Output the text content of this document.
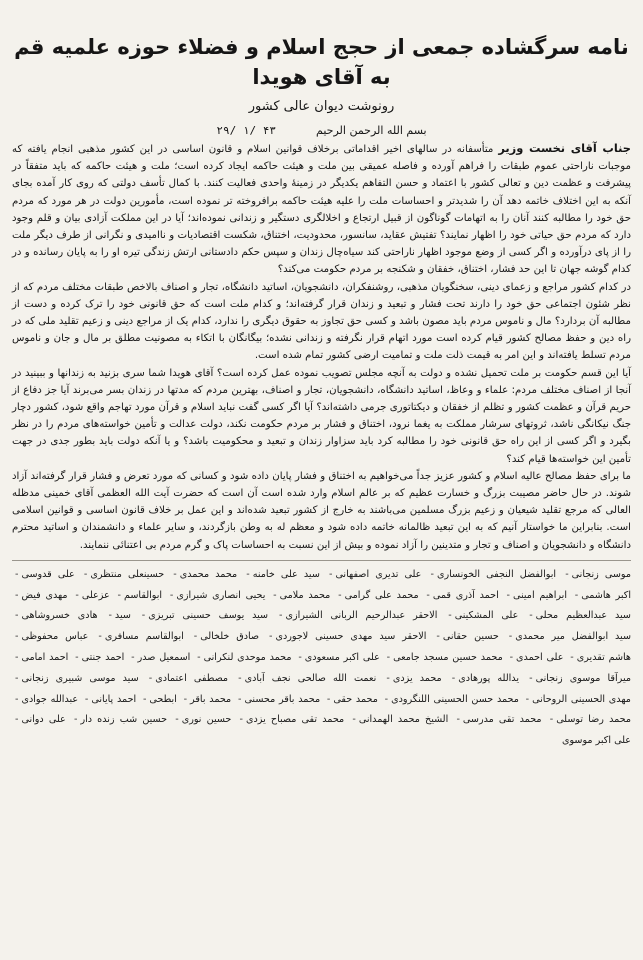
نامه سرگشاده جمعی از حجج اسلام و فضلاء حوزه علمیه قم به آقای هویدا
رونوشت دیوان عالی کشور
بسم الله الرحمن الرحیم
۲۹/ ۱/ ۴۳

جناب آقای نخست وزیر متأسفانه در سالهای اخیر اقداماتی برخلاف قوانین اسلام و قانون اساسی در این کشور مذهبی انجام یافته که موجبات ناراحتی عموم طبقات را فراهم آورده و فاصله عمیقی بین ملت و هیئت حاکمه ایجاد کرده است؛ ملت و هیئت حاکمه که باید متفقاً در پیشرفت و عظمت دین و تعالی کشور با اعتماد و حسن التفاهم یکدیگر در زمینهٔ واحدی فعالیت کنند. با کمال تأسف دولتی که روی کار آمده بجای آنکه به این اختلاف خاتمه دهد آن را شدیدتر و احساسات ملت را علیه هیئت حاکمه برافروخته تر نموده است، مأمورین دولت در هر مورد که مردم حق خود را مطالبه کنند آنان را به اتهامات گوناگون از قبیل ارتجاع و اخلالگری دستگیر و زندانی نموده‌اند؛ آیا در این مملکت آزادی بیان و قلم وجود دارد که مردم حق حیاتی خود را اظهار نمایند؟ تفتیش عقاید، سانسور، محدودیت، اختناق، شکست اقتصادیات و ناامیدی و نگرانی از طرف دیگر ملت را از پای درآورده و اگر کسی از وضع موجود اظهار ناراحتی کند سیاه‌چال زندان و سپس حکم دادستانی ارتش زندگی تیره او را به پایان رسانده و در کدام گوشه جهان تا این حد فشار، اختناق، خفقان و شکنجه بر مردم حکومت می‌کند؟

در کدام کشور مراجع و زعمای دینی، سخنگویان مذهبی، روشنفکران، دانشجویان، اساتید دانشگاه، تجار و اصناف بالاخص طبقات مختلف مردم که از نظر شئون اجتماعی حق خود را دارند تحت فشار و تبعید و زندان قرار گرفته‌اند؛ و کدام ملت است که حق قانونی خود را ترک کرده و دست از مطالبه آن بردارد؟ مال و ناموس مردم باید مصون باشد و کسی حق تجاوز به حقوق دیگری را ندارد، کدام یک از مراجع دینی و زعیم تقلید ملی که در راه دین و حفظ مصالح کشور قیام کرده است مورد اتهام قرار نگرفته و زندانی نشده؛ بیگانگان با اتکاء به مصونیت مطلق بر مال و جان و ناموس مردم تسلط یافته‌اند و این امر به قیمت ذلت ملت و تمامیت ارضی کشور تمام شده است.

آیا این قسم حکومت بر ملت تحمیل نشده و دولت به آنچه مجلس تصویب نموده عمل کرده است؟ آقای هویدا شما سری بزنید به زندانها و ببینید در آنجا از اصناف مختلف مردم: علماء و وعاظ، اساتید دانشگاه، دانشجویان، تجار و اصناف، بهترین مردم که مدتها در زندان بسر می‌برند آیا جز دفاع از حریم قرآن و عظمت کشور و تظلم از خفقان و دیکتاتوری جرمی داشته‌اند؟ آیا اگر کسی گفت نباید اسلام و قرآن مورد تهاجم واقع شود، کشور دچار جنگ نیکانگی ناشد، ثروتهای سرشار مملکت به یغما نرود، اختناق و فشار بر مردم حکومت نکند، دولت عدالت و تأمین خواسته‌های مردم را در نظر بگیرد و اگر کسی از این راه حق قانونی خود را مطالبه کرد باید سزاوار زندان و تبعید و محکومیت باشد؟ و یا آنکه دولت باید بطور جدی در جهت تأمین این خواسته‌ها قیام کند؟

ما برای حفظ مصالح عالیه اسلام و کشور عزیز جداً می‌خواهیم به اختناق و فشار پایان داده شود و کسانی که مورد تعرض و فشار قرار گرفته‌اند آزاد شوند. در حال حاضر مصیبت بزرگ و خسارت عظیم که بر عالم اسلام وارد شده است آن است که حضرت آیت الله العظمی آقای خمینی مدظله العالی که مرجع تقلید شیعیان و زعیم بزرگ مسلمین می‌باشند به خارج از کشور تبعید شده‌اند و این عمل بر خلاف قانون اساسی و قوانین اسلامی است. بنابراین ما خواستار آنیم که به این تبعید ظالمانه خاتمه داده شود و معظم له به وطن بازگردند، و سایر علماء و دانشمندان و اساتید محترم دانشگاه و دانشجویان و اصناف و تجار و متدینین را آزاد نموده و بیش از این نسبت به احساسات پاک و گرم مردم بی اعتنائی ننمایند.

موسی زنجانی- ابوالفضل النجفی الخونساری- علی تدیری اصفهانی- سید علی خامنه- محمد محمدی- حسینعلی منتظری- علی قدوسی- اکبر هاشمی- ابراهیم امینی- احمد آذری قمی- محمد علی گرامی- محمد ملامی- یحیی انصاری شیرازی- ابوالقاسم- عزعلی- مهدی فیض- سید عبدالعظیم محلی- علی المشکینی- الاحقر عبدالرحیم الربانی الشیرازی- سید یوسف حسینی تبریزی- سید- هادی خسروشاهی- سید ابوالفضل میر محمدی- حسین حقانی- الاحقر سید مهدی حسینی لاجوردی- صادق خلخالی- ابوالقاسم مسافری- عباس محفوظی- هاشم تقدیری- علی احمدی- محمد حسین مسجد جامعی- علی اکبر مسعودی- محمد موحدی لنکرانی- اسمعیل صدر- احمد جنتی- احمد امامی- میرآقا موسوی زنجانی- یدالله پورهادی- محمد یزدی- نعمت الله صالحی نجف آبادی- مصطفی اعتمادی- سید موسی شبیری زنجانی- مهدی الحسینی الروحانی- محمد حسن الحسینی اللنگرودی- محمد حقی- محمد باقر محسنی- محمد باقر- ابطحی- احمد پایانی- عبدالله جوادی- محمد رضا توسلی- محمد تقی مدرسی- الشیخ محمد الهمدانی- محمد تقی مصباح یزدی- حسین نوری- حسین شب زنده دار- علی دوانی- علی اکبر موسوی
